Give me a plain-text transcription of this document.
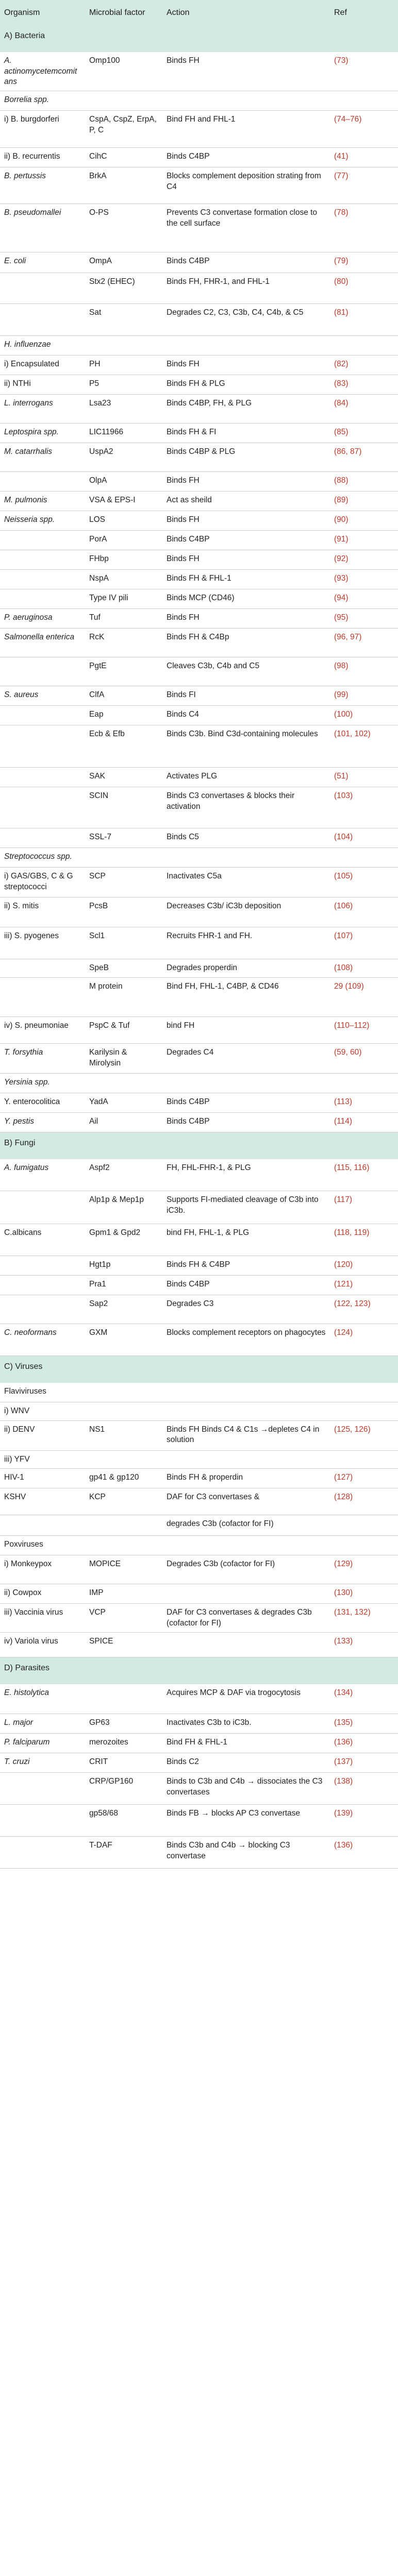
Organism	Microbial factor	Action	Ref
A) Bacteria			
A. actinomycetemcomitans	Omp100	Binds FH	(73)
Borrelia spp.			
i) B. burgdorferi	CspA, CspZ, ErpA, P, C	Bind FH and FHL-1	(74–76)
ii) B. recurrentis	CihC	Binds C4BP	(41)
B. pertussis	BrkA	Blocks complement deposition strating from C4	(77)
B. pseudomallei	O-PS	Prevents C3 convertase formation close to the cell surface	(78)
E. coli	OmpA	Binds C4BP	(79)
	Stx2 (EHEC)	Binds FH, FHR-1, and FHL-1	(80)
	Sat	Degrades C2, C3, C3b, C4, C4b, & C5	(81)
H. influenzae			
i) Encapsulated	PH	Binds FH	(82)
ii) NTHi	P5	Binds FH & PLG	(83)
L. interrogans	Lsa23	Binds C4BP, FH, & PLG	(84)
Leptospira spp.	LIC11966	Binds FH & FI	(85)
M. catarrhalis	UspA2	Binds C4BP & PLG	(86, 87)
	OlpA	Binds FH	(88)
M. pulmonis	VSA & EPS-I	Act as sheild	(89)
Neisseria spp.	LOS	Binds FH	(90)
	PorA	Binds C4BP	(91)
	FHbp	Binds FH	(92)
	NspA	Binds FH & FHL-1	(93)
	Type IV pili	Binds MCP (CD46)	(94)
P. aeruginosa	Tuf	Binds FH	(95)
Salmonella enterica	RcK	Binds FH & C4Bp	(96, 97)
	PgtE	Cleaves C3b, C4b and C5	(98)
S. aureus	ClfA	Binds FI	(99)
	Eap	Binds C4	(100)
	Ecb & Efb	Binds C3b. Bind C3d-containing molecules	(101, 102)
	SAK	Activates PLG	(51)
	SCIN	Binds C3 convertases & blocks their activation	(103)
	SSL-7	Binds C5	(104)
Streptococcus spp.			
i) GAS/GBS, C & G streptococci	SCP	Inactivates C5a	(105)
ii) S. mitis	PcsB	Decreases C3b/ iC3b deposition	(106)
iii) S. pyogenes	Scl1	Recruits FHR-1 and FH.	(107)
	SpeB	Degrades properdin	(108)
	M protein	Bind FH, FHL-1, C4BP, & CD46	29 (109)
iv) S. pneumoniae	PspC & Tuf	bind FH	(110–112)
T. forsythia	Karilysin & Mirolysin	Degrades C4	(59, 60)
Yersinia spp.			
Y. enterocolitica	YadA	Binds C4BP	(113)
Y. pestis	Ail	Binds C4BP	(114)
B) Fungi			
A. fumigatus	Aspf2	FH, FHL-FHR-1, & PLG	(115, 116)
	Alp1p & Mep1p	Supports FI-mediated cleavage of C3b into iC3b.	(117)
C.albicans	Gpm1 & Gpd2	bind FH, FHL-1, & PLG	(118, 119)
	Hgt1p	Binds FH & C4BP	(120)
	Pra1	Binds C4BP	(121)
	Sap2	Degrades C3	(122, 123)
C. neoformans	GXM	Blocks complement receptors on phagocytes	(124)
C) Viruses			
Flaviviruses			
i) WNV			
ii) DENV	NS1	Binds FH Binds C4 & C1s →depletes C4 in solution	(125, 126)
iii) YFV			
HIV-1	gp41 & gp120	Binds FH & properdin	(127)
KSHV	KCP	DAF for C3 convertases &	(128)
		degrades C3b (cofactor for FI)	
Poxviruses			
i) Monkeypox	MOPICE	Degrades C3b (cofactor for FI)	(129)
ii) Cowpox	IMP		(130)
iii) Vaccinia virus	VCP	DAF for C3 convertases & degrades C3b (cofactor for FI)	(131, 132)
iv) Variola virus	SPICE		(133)
D) Parasites			
E. histolytica		Acquires MCP & DAF via trogocytosis	(134)
L. major	GP63	Inactivates C3b to iC3b.	(135)
P. falciparum	merozoites	Bind FH & FHL-1	(136)
T. cruzi	CRIT	Binds C2	(137)
	CRP/GP160	Binds to C3b and C4b → dissociates the C3 convertases	(138)
	gp58/68	Binds FB → blocks AP C3 convertase	(139)
	T-DAF	Binds C3b and C4b → blocking C3 convertase	(136)
